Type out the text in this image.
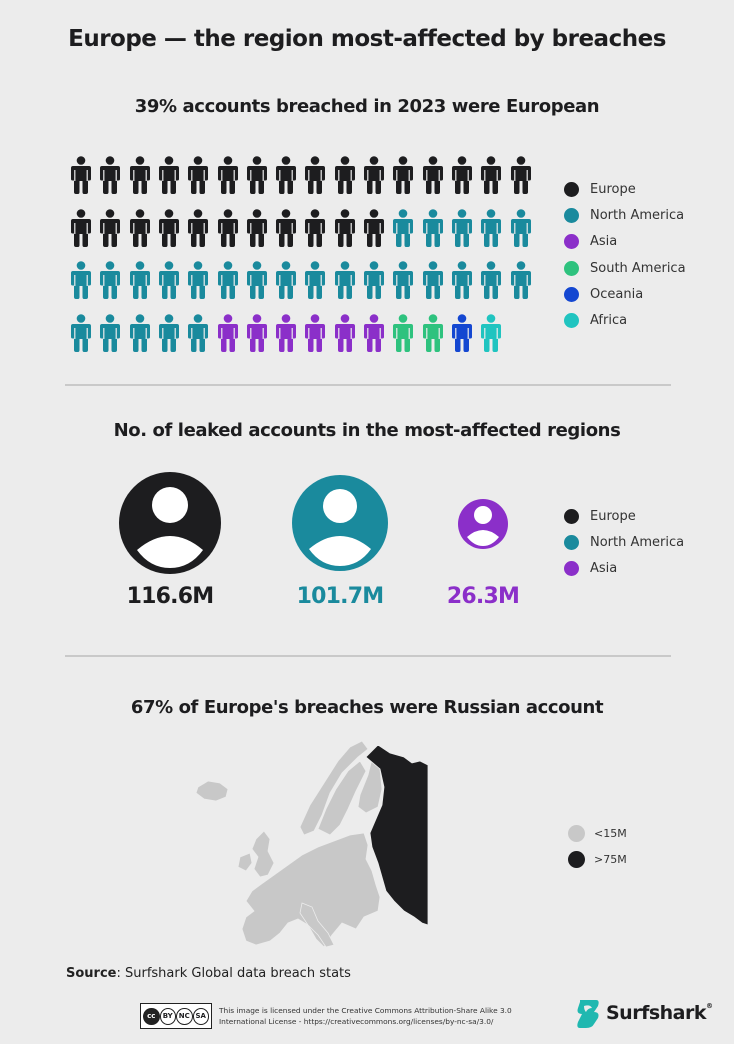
Europe — the region most-affected by breaches
39% accounts breached in 2023 were European
Europe
North America
Asia
South America
Oceania
Africa
No. of leaked accounts in the most-affected regions
116.6M	101.7M	26.3M
Europe
North America
Asia
67% of Europe's breaches were Russian account
<15M
>75M
Source: Surfshark Global data breach stats
cc	BY NC SA
This image is licensed under the Creative Commons Attribution-Share Alike 3.0 International License - https://creativecommons.org/licenses/by-nc-sa/3.0/	Surfshark®
